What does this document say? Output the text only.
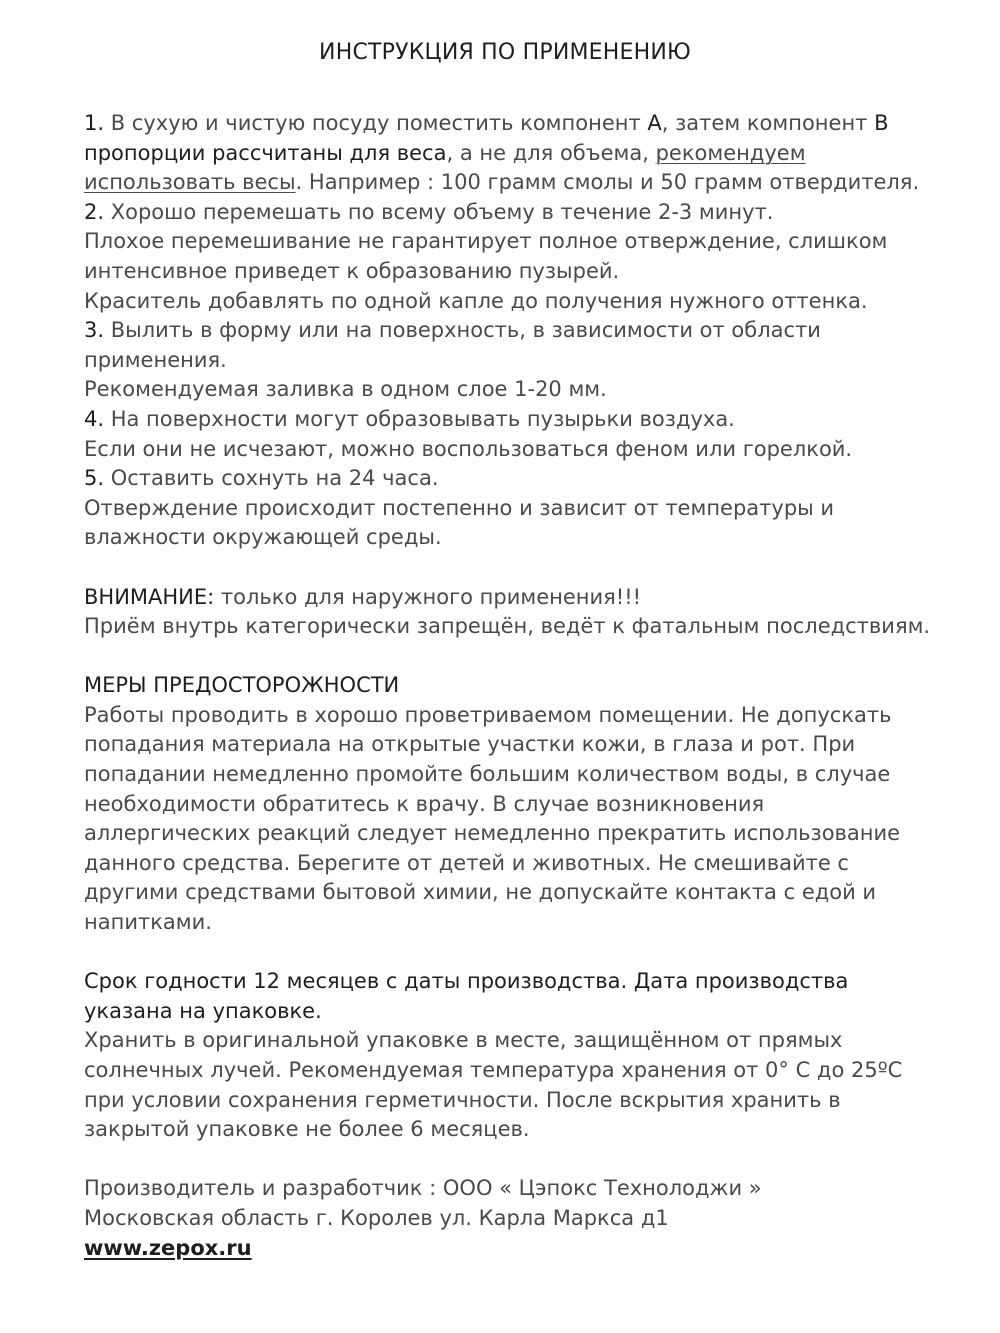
ИНСТРУКЦИЯ ПО ПРИМЕНЕНИЮ

1. В сухую и чистую посуду поместить компонент А, затем компонент В
пропорции рассчитаны для веса, а не для объема, рекомендуем использовать весы. Например : 100 грамм смолы и 50 грамм отвердителя.

2. Хорошо перемешать по всему объему в течение 2-3 минут.

Плохое перемешивание не гарантирует полное отверждение, слишком интенсивное приведет к образованию пузырей.

Краситель добавлять по одной капле до получения нужного оттенка.

3. Вылить в форму или на поверхность, в зависимости от области применения.

Рекомендуемая заливка в одном слое 1-20 мм.

4. На поверхности могут образовывать пузырьки воздуха.

Если они не исчезают, можно воспользоваться феном или горелкой.

5. Оставить сохнуть на 24 часа.

Отверждение происходит постепенно и зависит от температуры и влажности окружающей среды.

ВНИМАНИЕ: только для наружного применения!!!

Приём внутрь категорически запрещён, ведёт к фатальным последствиям.

МЕРЫ ПРЕДОСТОРОЖНОСТИ

Работы проводить в хорошо проветриваемом помещении. Не допускать попадания материала на открытые участки кожи, в глаза и рот. При попадании немедленно промойте большим количеством воды, в случае необходимости обратитесь к врачу. В случае возникновения аллергических реакций следует немедленно прекратить использование данного средства. Берегите от детей и животных. Не смешивайте с другими средствами бытовой химии, не допускайте контакта с едой и напитками.

Срок годности 12 месяцев с даты производства. Дата производства указана на упаковке.

Хранить в оригинальной упаковке в месте, защищённом от прямых солнечных лучей. Рекомендуемая температура хранения от 0° С до 25ºС при условии сохранения герметичности. После вскрытия хранить в закрытой упаковке не более 6 месяцев.

Производитель и разработчик : ООО « Цэпокс Технолоджи »

Московская область г. Королев ул. Карла Маркса д1

www.zepox.ru
